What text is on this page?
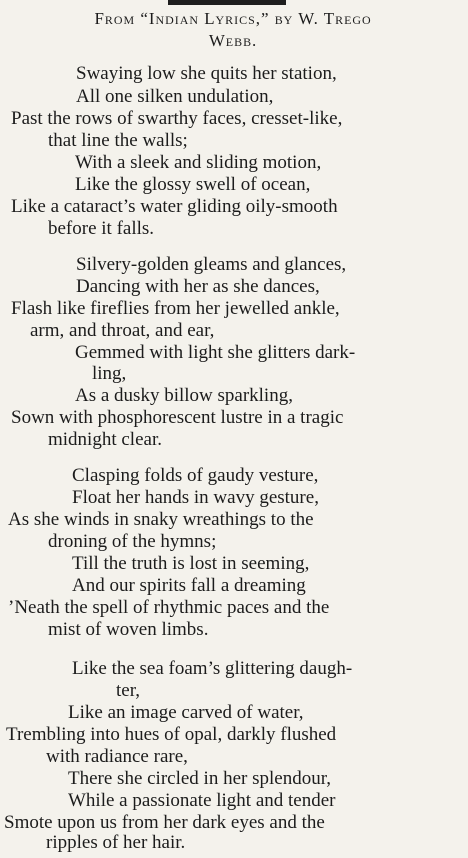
From “Indian Lyrics,” by W. Trego
Webb.
Swaying low she quits her station,
All one silken undulation,
Past the rows of swarthy faces, cresset-like,
that line the walls;
With a sleek and sliding motion,
Like the glossy swell of ocean,
Like a cataract’s water gliding oily-smooth
before it falls.
Silvery-golden gleams and glances,
Dancing with her as she dances,
Flash like fireflies from her jewelled ankle,
arm, and throat, and ear,
Gemmed with light she glitters dark-
ling,
As a dusky billow sparkling,
Sown with phosphorescent lustre in a tragic
midnight clear.
Clasping folds of gaudy vesture,
Float her hands in wavy gesture,
As she winds in snaky wreathings to the
droning of the hymns;
Till the truth is lost in seeming,
And our spirits fall a dreaming
’Neath the spell of rhythmic paces and the
mist of woven limbs.
Like the sea foam’s glittering daugh-
ter,
Like an image carved of water,
Trembling into hues of opal, darkly flushed
with radiance rare,
There she circled in her splendour,
While a passionate light and tender
Smote upon us from her dark eyes and the
ripples of her hair.
